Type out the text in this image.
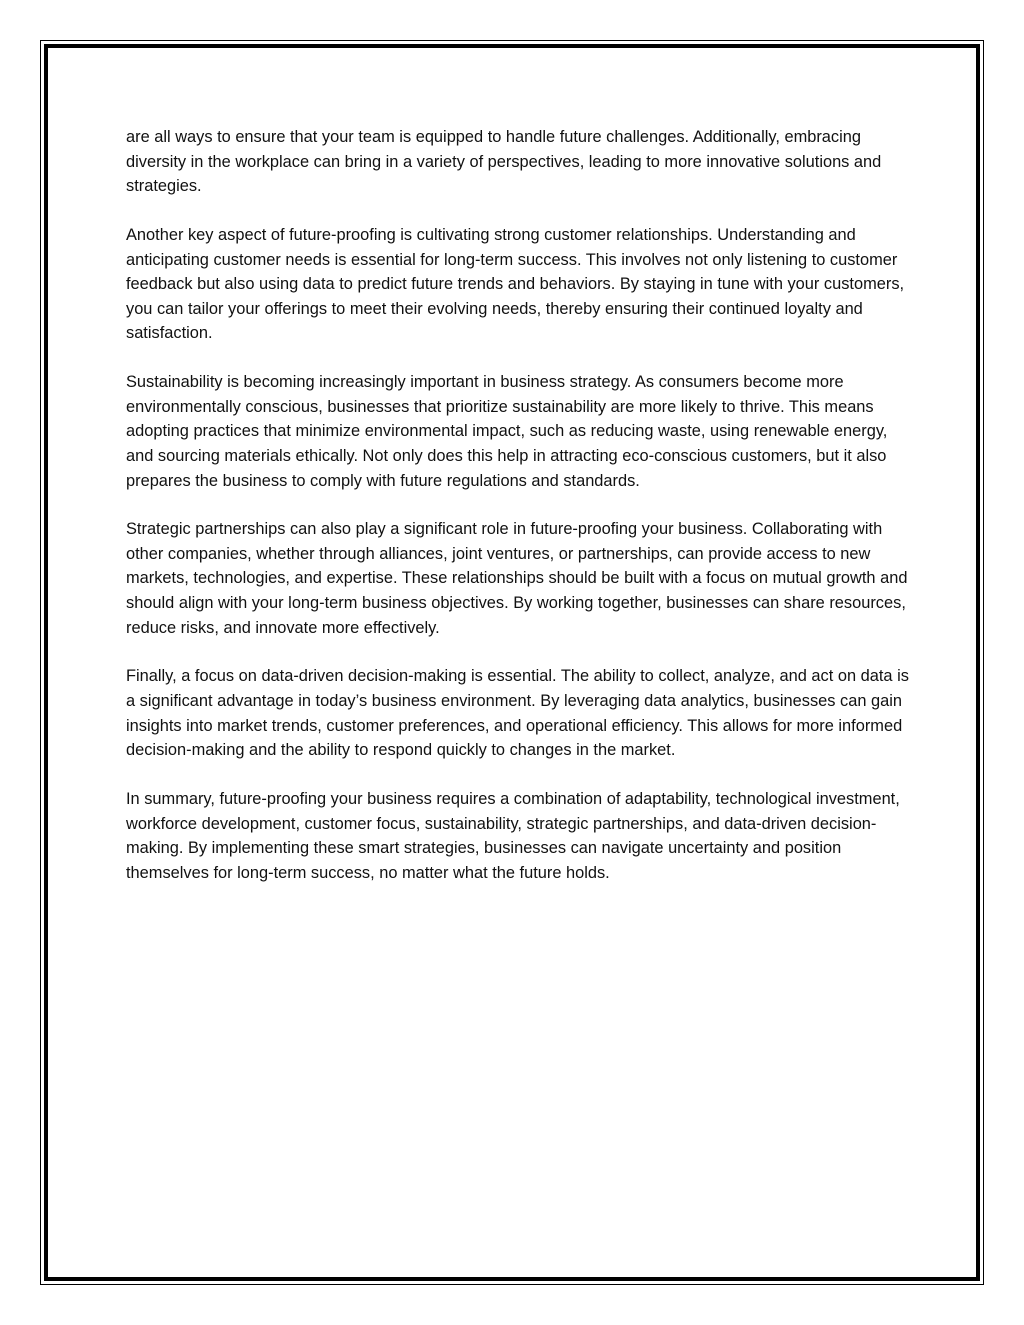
are all ways to ensure that your team is equipped to handle future challenges. Additionally, embracing diversity in the workplace can bring in a variety of perspectives, leading to more innovative solutions and strategies.

Another key aspect of future-proofing is cultivating strong customer relationships. Understanding and anticipating customer needs is essential for long-term success. This involves not only listening to customer feedback but also using data to predict future trends and behaviors. By staying in tune with your customers, you can tailor your offerings to meet their evolving needs, thereby ensuring their continued loyalty and satisfaction.

Sustainability is becoming increasingly important in business strategy. As consumers become more environmentally conscious, businesses that prioritize sustainability are more likely to thrive. This means adopting practices that minimize environmental impact, such as reducing waste, using renewable energy, and sourcing materials ethically. Not only does this help in attracting eco-conscious customers, but it also prepares the business to comply with future regulations and standards.

Strategic partnerships can also play a significant role in future-proofing your business. Collaborating with other companies, whether through alliances, joint ventures, or partnerships, can provide access to new markets, technologies, and expertise. These relationships should be built with a focus on mutual growth and should align with your long-term business objectives. By working together, businesses can share resources, reduce risks, and innovate more effectively.

Finally, a focus on data-driven decision-making is essential. The ability to collect, analyze, and act on data is a significant advantage in today’s business environment. By leveraging data analytics, businesses can gain insights into market trends, customer preferences, and operational efficiency. This allows for more informed decision-making and the ability to respond quickly to changes in the market.

In summary, future-proofing your business requires a combination of adaptability, technological investment, workforce development, customer focus, sustainability, strategic partnerships, and data-driven decision-making. By implementing these smart strategies, businesses can navigate uncertainty and position themselves for long-term success, no matter what the future holds.
